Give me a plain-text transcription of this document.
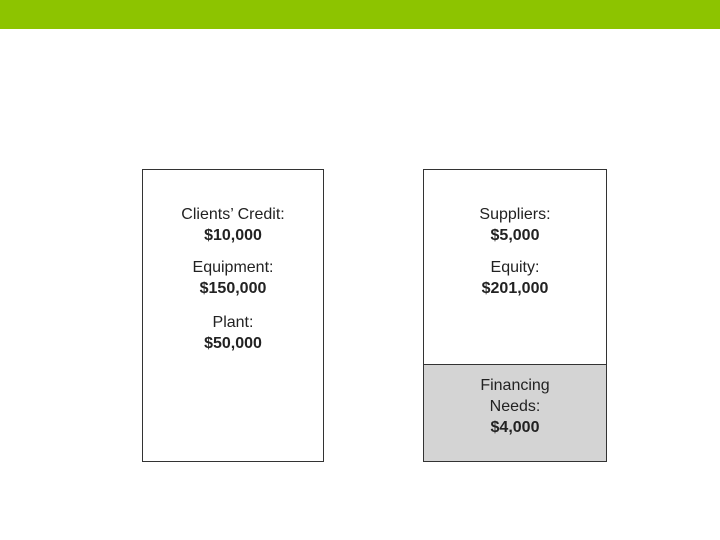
Clients’ Credit:
$10,000
Equipment:
$150,000
Plant:
$50,000
Suppliers:
$5,000
Equity:
$201,000
Financing
Needs:
$4,000
